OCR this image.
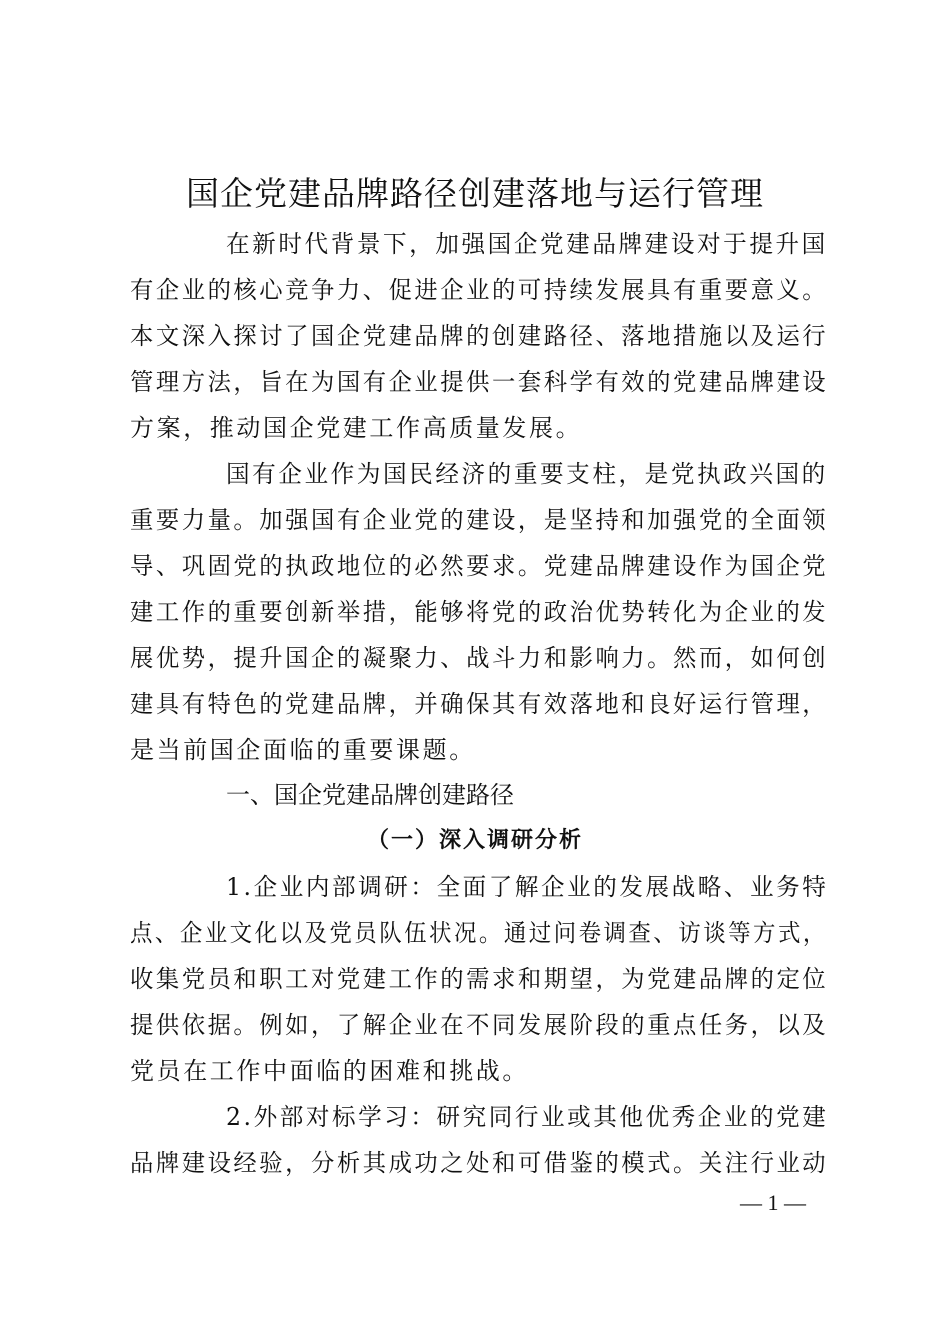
国企党建品牌路径创建落地与运行管理
在新时代背景下，加强国企党建品牌建设对于提升国
有企业的核心竞争力、促进企业的可持续发展具有重要意义。
本文深入探讨了国企党建品牌的创建路径、落地措施以及运行
管理方法，旨在为国有企业提供一套科学有效的党建品牌建设
方案，推动国企党建工作高质量发展。
国有企业作为国民经济的重要支柱，是党执政兴国的
重要力量。加强国有企业党的建设，是坚持和加强党的全面领
导、巩固党的执政地位的必然要求。党建品牌建设作为国企党
建工作的重要创新举措，能够将党的政治优势转化为企业的发
展优势，提升国企的凝聚力、战斗力和影响力。然而，如何创
建具有特色的党建品牌，并确保其有效落地和良好运行管理，
是当前国企面临的重要课题。
一、国企党建品牌创建路径
（一）深入调研分析
1.企业内部调研：全面了解企业的发展战略、业务特
点、企业文化以及党员队伍状况。通过问卷调查、访谈等方式，
收集党员和职工对党建工作的需求和期望，为党建品牌的定位
提供依据。例如，了解企业在不同发展阶段的重点任务，以及
党员在工作中面临的困难和挑战。
2.外部对标学习：研究同行业或其他优秀企业的党建
品牌建设经验，分析其成功之处和可借鉴的模式。关注行业动
— 1 —
